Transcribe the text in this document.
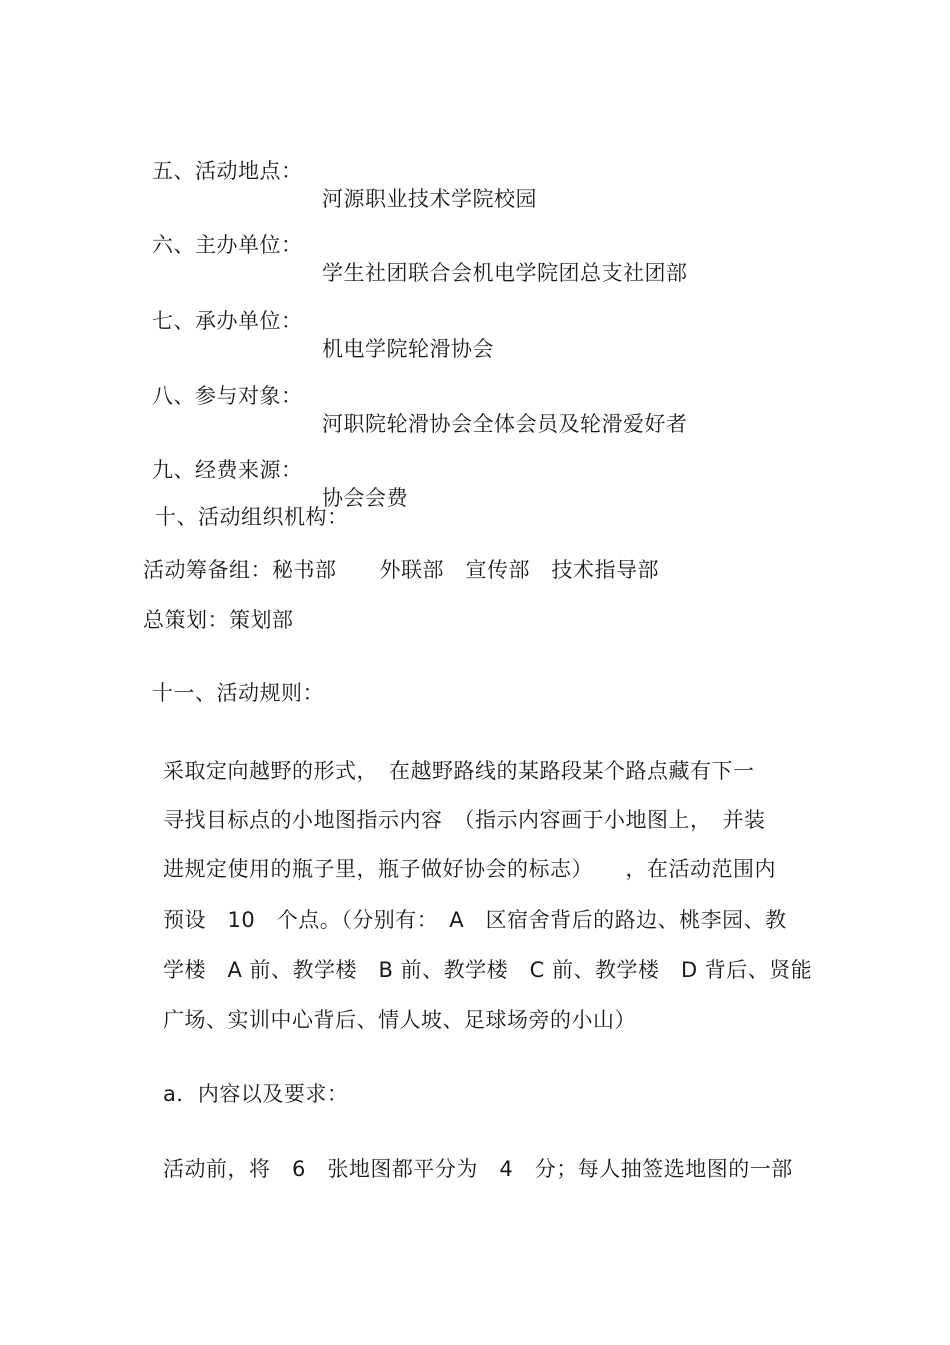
五、活动地点：

河源职业技术学院校园

六、主办单位：

学生社团联合会机电学院团总支社团部

七、承办单位：

机电学院轮滑协会

八、参与对象：

河职院轮滑协会全体会员及轮滑爱好者

九、经费来源：

协会会费

十、活动组织机构：
活动筹备组：秘书部　　外联部　宣传部　技术指导部
总策划：策划部
十一、活动规则：
采取定向越野的形式，　在越野路线的某路段某个路点藏有下一
寻找目标点的小地图指示内容　（指示内容画于小地图上，　并装
进规定使用的瓶子里，瓶子做好协会的标志）　　，在活动范围内
预设　10　个点。（分别有：　A　区宿舍背后的路边、桃李园、教
学楼　A 前、教学楼　B 前、教学楼　C 前、教学楼　D 背后、贤能
广场、实训中心背后、情人坡、足球场旁的小山）
a．内容以及要求：
活动前，将　6　张地图都平分为　4　分；每人抽签选地图的一部
